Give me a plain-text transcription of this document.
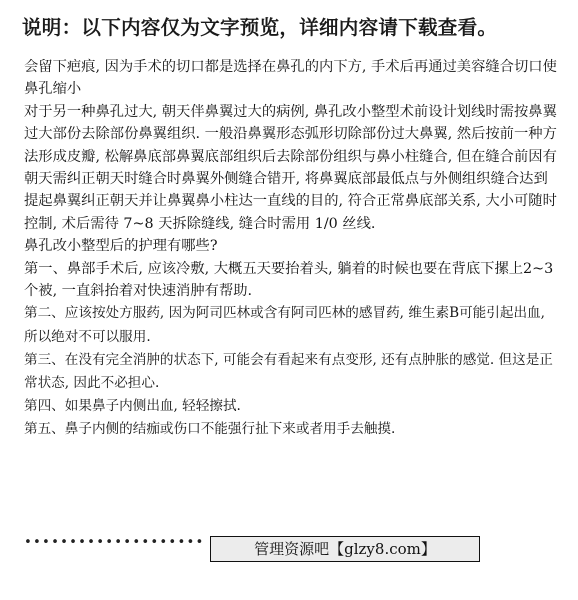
说明：以下内容仅为文字预览，详细内容请下载查看。

会留下疤痕, 因为手术的切口都是选择在鼻孔的内下方, 手术后再通过美容缝合切口使鼻孔缩小

对于另一种鼻孔过大, 朝天伴鼻翼过大的病例, 鼻孔改小整型术前设计划线时需按鼻翼过大部份去除部份鼻翼组织. 一般沿鼻翼形态弧形切除部份过大鼻翼, 然后按前一种方法形成皮瓣, 松解鼻底部鼻翼底部组织后去除部份组织与鼻小柱缝合, 但在缝合前因有朝天需纠正朝天时缝合时鼻翼外侧缝合错开, 将鼻翼底部最低点与外侧组织缝合达到提起鼻翼纠正朝天并让鼻翼鼻小柱达一直线的目的, 符合正常鼻底部关系, 大小可随时控制, 术后需待 7~8 天拆除缝线, 缝合时需用 1/0 丝线.

鼻孔改小整型后的护理有哪些?

第一、鼻部手术后, 应该冷敷, 大概五天要抬着头, 躺着的时候也要在背底下摞上2~3个被, 一直斜抬着对快速消肿有帮助.

第二、应该按处方服药, 因为阿司匹林或含有阿司匹林的感冒药, 维生素B可能引起出血, 所以绝对不可以服用.

第三、在没有完全消肿的状态下, 可能会有看起来有点变形, 还有点肿胀的感觉. 但这是正常状态, 因此不必担心.

第四、如果鼻子内侧出血, 轻轻擦拭.

第五、鼻子内侧的结痂或伤口不能强行扯下来或者用手去触摸.

••••••••••••••••••••	管理资源吧【glzy8.com】
